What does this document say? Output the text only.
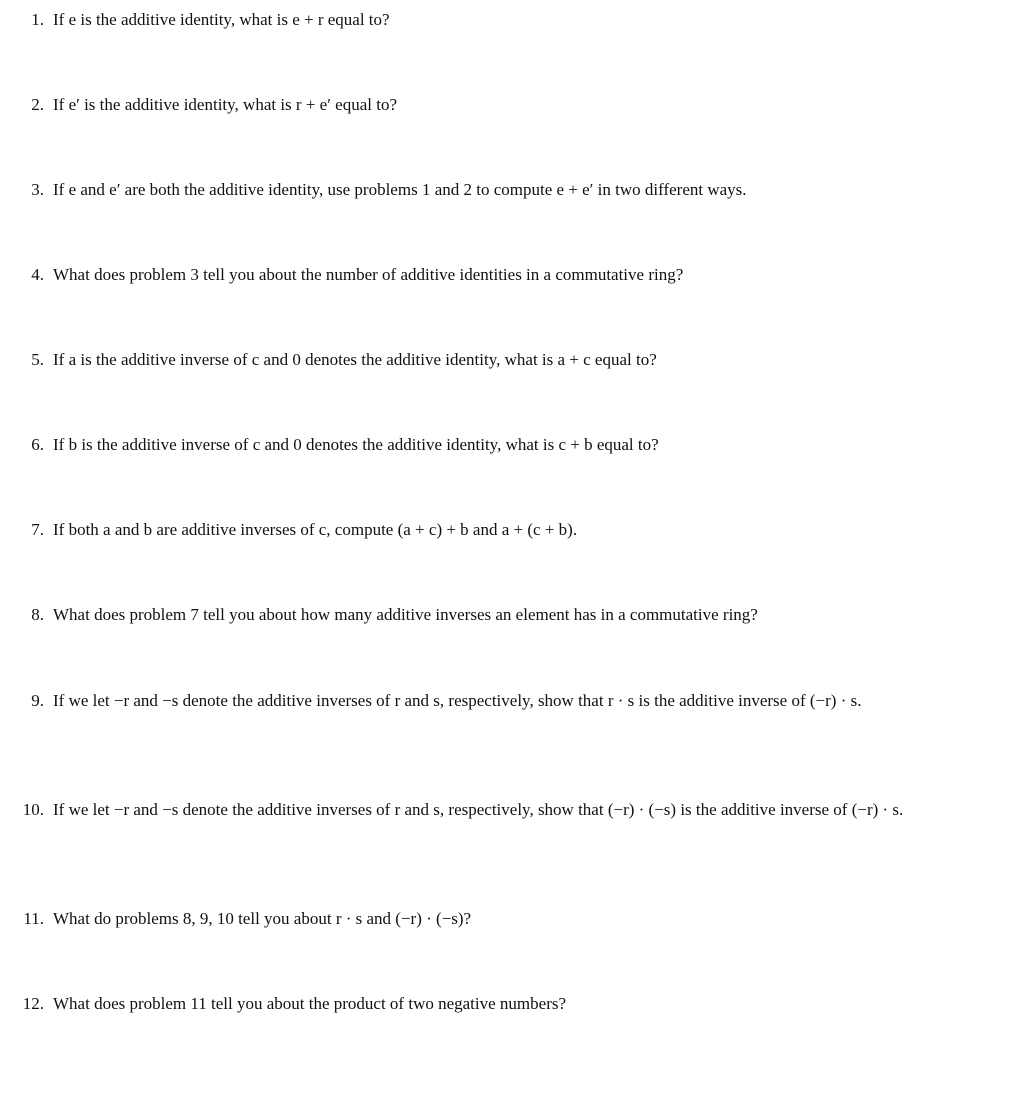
1. If e is the additive identity, what is e + r equal to?
2. If e′ is the additive identity, what is r + e′ equal to?
3. If e and e′ are both the additive identity, use problems 1 and 2 to compute e + e′ in two different ways.
4. What does problem 3 tell you about the number of additive identities in a commutative ring?
5. If a is the additive inverse of c and 0 denotes the additive identity, what is a + c equal to?
6. If b is the additive inverse of c and 0 denotes the additive identity, what is c + b equal to?
7. If both a and b are additive inverses of c, compute (a + c) + b and a + (c + b).
8. What does problem 7 tell you about how many additive inverses an element has in a commutative ring?
9. If we let −r and −s denote the additive inverses of r and s, respectively, show that r · s is the additive inverse of (−r) · s.
10. If we let −r and −s denote the additive inverses of r and s, respectively, show that (−r) · (−s) is the additive inverse of (−r) · s.
11. What do problems 8, 9, 10 tell you about r · s and (−r) · (−s)?
12. What does problem 11 tell you about the product of two negative numbers?
